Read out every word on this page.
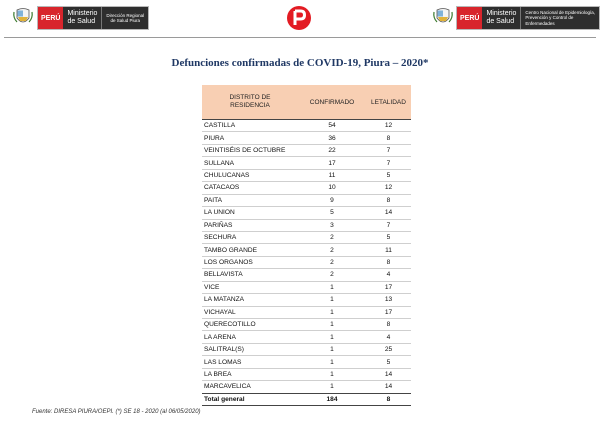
PERÚ
Ministerio
de Salud
Dirección Regional
de Salud Piura	PERÚ
Ministerio
de Salud
Centro Nacional de Epidemiología,
Prevención y Control de
Enfermedades
Defunciones confirmadas de COVID-19, Piura – 2020*
DISTRITO DE
RESIDENCIA	CONFIRMADO	LETALIDAD
CASTILLA	54	12
PIURA	36	8
VEINTISÉIS DE OCTUBRE	22	7
SULLANA	17	7
CHULUCANAS	11	5
CATACAOS	10	12
PAITA	9	8
LA UNION	5	14
PARIÑAS	3	7
SECHURA	2	5
TAMBO GRANDE	2	11
LOS ORGANOS	2	8
BELLAVISTA	2	4
VICE	1	17
LA MATANZA	1	13
VICHAYAL	1	17
QUERECOTILLO	1	8
LA ARENA	1	4
SALITRAL(S)	1	25
LAS LOMAS	1	5
LA BREA	1	14
MARCAVELICA	1	14
Total general	184	8
Fuente: DIRESA PIURA/OEPI. (*) SE 18 - 2020 (al 06/05/2020)
